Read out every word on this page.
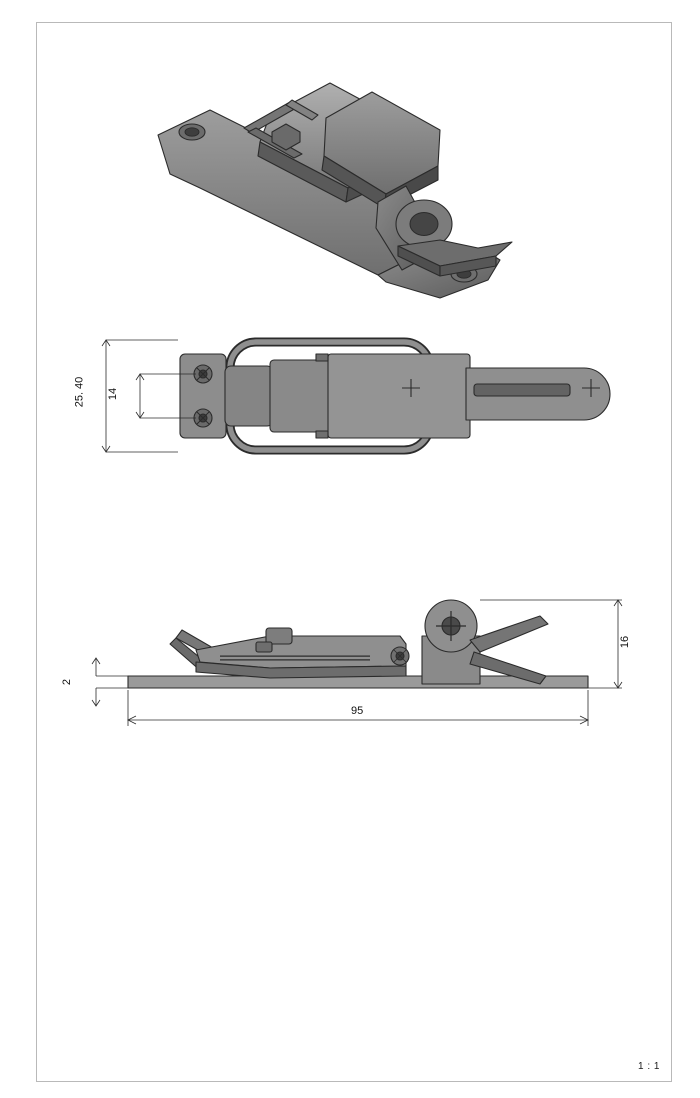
25. 40 14
2
95
16
1 : 1
